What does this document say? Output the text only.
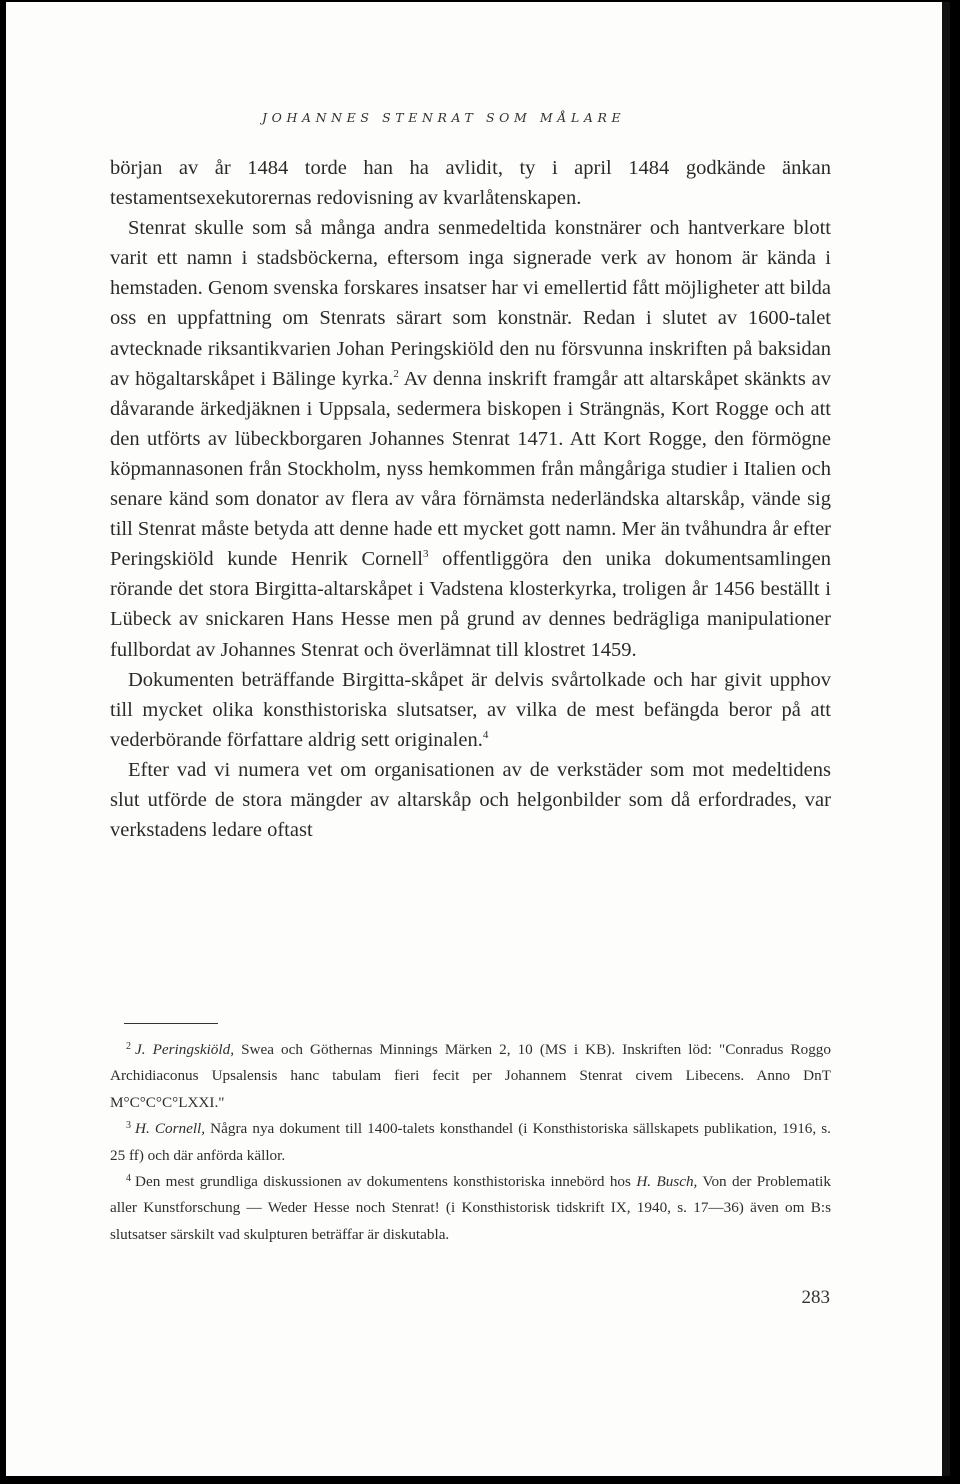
JOHANNES STENRAT SOM MÅLARE

början av år 1484 torde han ha avlidit, ty i april 1484 godkände änkan testamentsexekutorernas redovisning av kvarlåtenskapen.

Stenrat skulle som så många andra senmedeltida konstnärer och hantverkare blott varit ett namn i stadsböckerna, eftersom inga signerade verk av honom är kända i hemstaden. Genom svenska forskares insatser har vi emellertid fått möjligheter att bilda oss en uppfattning om Stenrats särart som konstnär. Redan i slutet av 1600-talet avtecknade riksantikvarien Johan Peringskiöld den nu försvunna inskriften på baksidan av högaltarskåpet i Bälinge kyrka.$^2$ Av denna inskrift framgår att altarskåpet skänkts av dåvarande ärkedjäknen i Uppsala, sedermera biskopen i Strängnäs, Kort Rogge och att den utförts av lübeckborgaren Johannes Stenrat 1471. Att Kort Rogge, den förmögne köpmannasonen från Stockholm, nyss hemkommen från mångåriga studier i Italien och senare känd som donator av flera av våra förnämsta nederländska altarskåp, vände sig till Stenrat måste betyda att denne hade ett mycket gott namn. Mer än tvåhundra år efter Peringskiöld kunde Henrik Cornell$^3$ offentliggöra den unika dokumentsamlingen rörande det stora Birgitta-altarskåpet i Vadstena klosterkyrka, troligen år 1456 beställt i Lübeck av snickaren Hans Hesse men på grund av dennes bedrägliga manipulationer fullbordat av Johannes Stenrat och överlämnat till klostret 1459.

Dokumenten beträffande Birgitta-skåpet är delvis svårtolkade och har givit upphov till mycket olika konsthistoriska slutsatser, av vilka de mest befängda beror på att vederbörande författare aldrig sett originalen.$^4$

Efter vad vi numera vet om organisationen av de verkstäder som mot medeltidens slut utförde de stora mängder av altarskåp och helgonbilder som då erfordrades, var verkstadens ledare oftast

$^2$ J. Peringskiöld, Swea och Göthernas Minnings Märken 2, 10 (MS i KB). Inskriften löd: "Conradus Roggo Archidiaconus Upsalensis hanc tabulam fieri fecit per Johannem Stenrat civem Libecens. Anno DnT M°C°C°C°LXXI."

$^3$ H. Cornell, Några nya dokument till 1400-talets konsthandel (i Konsthistoriska sällskapets publikation, 1916, s. 25 ff) och där anförda källor.

$^4$ Den mest grundliga diskussionen av dokumentens konsthistoriska innebörd hos H. Busch, Von der Problematik aller Kunstforschung — Weder Hesse noch Stenrat! (i Konsthistorisk tidskrift IX, 1940, s. 17—36) även om B:s slutsatser särskilt vad skulpturen beträffar är diskutabla.

283
